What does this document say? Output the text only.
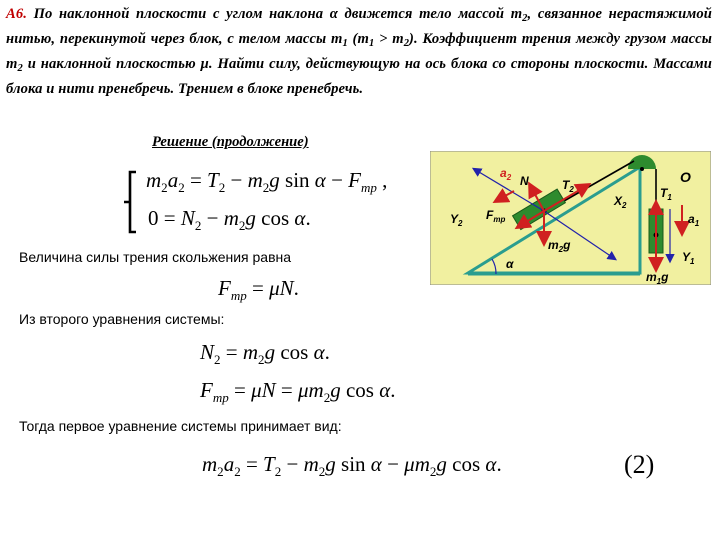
А6. По наклонной плоскости с углом наклона α движется тело массой $m_2$, связанное нерастяжимой нитью, перекинутой через блок, с телом массы $m_1$ $(m_1 > m_2)$. Коэффициент трения между грузом массы $m_2$ и наклонной плоскостью μ. Найти силу, действующую на ось блока со стороны плоскости. Массами блока и нити пренебречь. Трением в блоке пренебречь.
Решение (продолжение)
$m_2a_2 = T_2 - m_2g$ $\sin \alpha - F_{тр}$ ,
$0 = N_2 - m_2g$ cos α.
Величина силы трения скольжения равна
$F_{тр} = \mu N$.
Из второго уравнения системы:
$N_2 = m_2g$ cos α.
$F_{тр} = \mu N = \mu m_2g$ cos α.
Тогда первое уравнение системы принимает вид:
$m_2a_2 = T_2 - m_2g$ $\sin \alpha - \mu m_2g$ cos α.	(2)
$a_2$ N	$T_2$
$Y_2$
$F_{тр}$
$X_2$
$m_2g$
α
O
$T_1$
$a_1$
$Y_1$
$m_1g$
